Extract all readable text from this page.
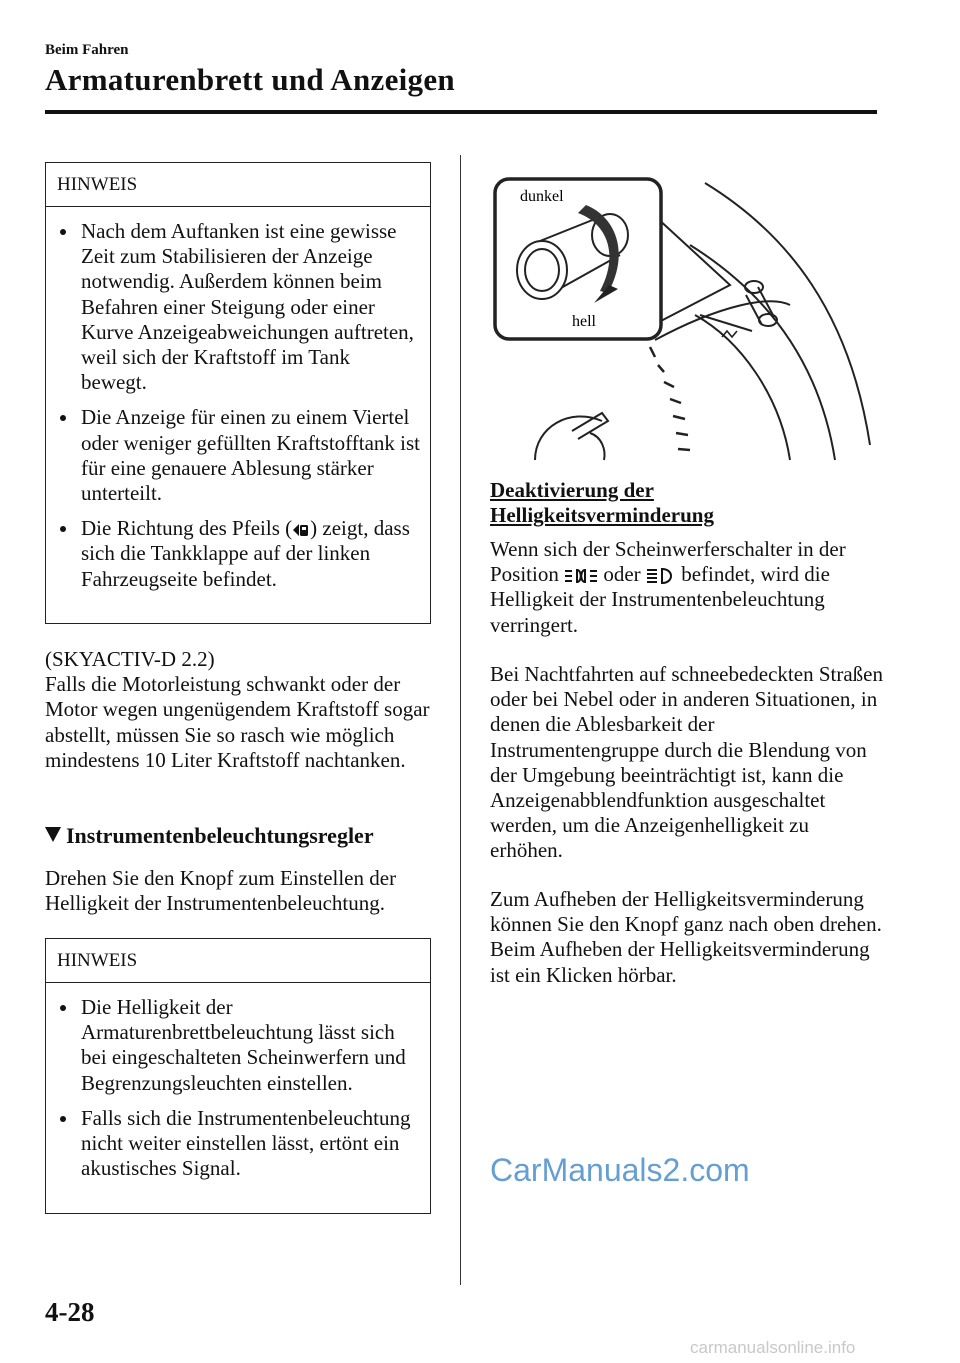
Beim Fahren
Armaturenbrett und Anzeigen
HINWEIS
Nach dem Auftanken ist eine gewisse Zeit zum Stabilisieren der Anzeige notwendig. Außerdem können beim Befahren einer Steigung oder einer Kurve Anzeigeabweichungen auftreten, weil sich der Kraftstoff im Tank bewegt.
Die Anzeige für einen zu einem Viertel oder weniger gefüllten Kraftstofftank ist für eine genauere Ablesung stärker unterteilt.
Die Richtung des Pfeils ( ) zeigt, dass sich die Tankklappe auf der linken Fahrzeugseite befindet.

(SKYACTIV-D 2.2)
Falls die Motorleistung schwankt oder der Motor wegen ungenügendem Kraftstoff sogar abstellt, müssen Sie so rasch wie möglich mindestens 10 Liter Kraftstoff nachtanken.

Instrumentenbeleuchtungsregler

Drehen Sie den Knopf zum Einstellen der Helligkeit der Instrumentenbeleuchtung.

HINWEIS
Die Helligkeit der Armaturenbrettbeleuchtung lässt sich bei eingeschalteten Scheinwerfern und Begrenzungsleuchten einstellen.
Falls sich die Instrumentenbeleuchtung nicht weiter einstellen lässt, ertönt ein akustisches Signal.
dunkel
hell
Deaktivierung der Helligkeitsverminderung

Wenn sich der Scheinwerferschalter in der Position  oder  befindet, wird die Helligkeit der Instrumentenbeleuchtung verringert.

Bei Nachtfahrten auf schneebedeckten Straßen oder bei Nebel oder in anderen Situationen, in denen die Ablesbarkeit der Instrumentengruppe durch die Blendung von der Umgebung beeinträchtigt ist, kann die Anzeigenabblendfunktion ausgeschaltet werden, um die Anzeigenhelligkeit zu erhöhen.

Zum Aufheben der Helligkeitsverminderung können Sie den Knopf ganz nach oben drehen. Beim Aufheben der Helligkeitsverminderung ist ein Klicken hörbar.

CarManuals2.com
4-28
carmanualsonline.info
